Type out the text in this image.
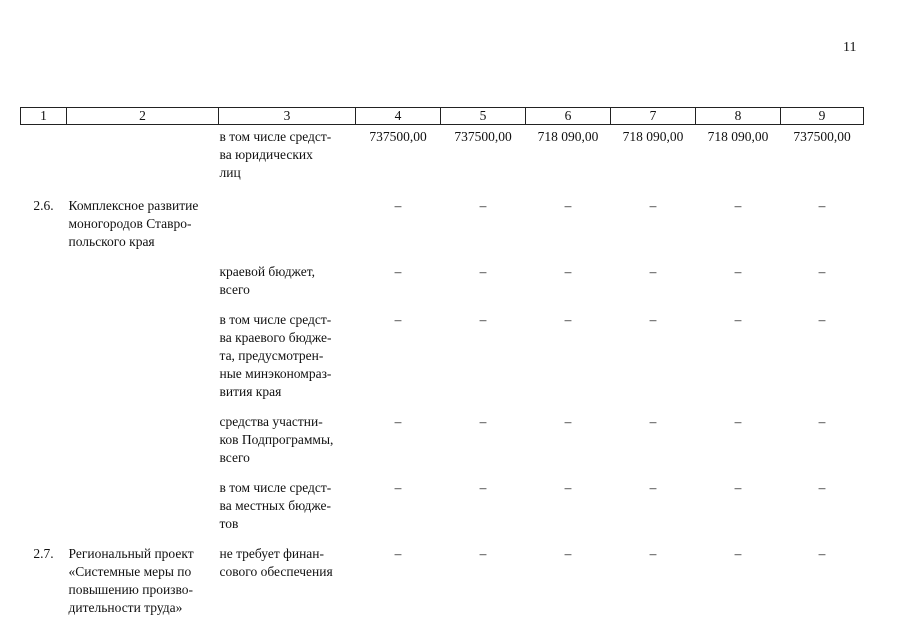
11
1	2	3	4	5	6	7	8	9
		в том числе средст-
ва юридических
лиц	737500,00	737500,00	718 090,00	718 090,00	718 090,00	737500,00
2.6.	Комплексное развитие
моногородов Ставро-
польского края		–	–	–	–	–	–
		краевой бюджет,
всего	–	–	–	–	–	–
		в том числе средст-
ва краевого бюдже-
та, предусмотрен-
ные минэкономраз-
вития края	–	–	–	–	–	–
		средства участни-
ков Подпрограммы,
всего	–	–	–	–	–	–
		в том числе средст-
ва местных бюдже-
тов	–	–	–	–	–	–
2.7.	Региональный проект
«Системные меры по
повышению произво-
дительности труда»	не требует финан-
сового обеспечения	–	–	–	–	–	–
